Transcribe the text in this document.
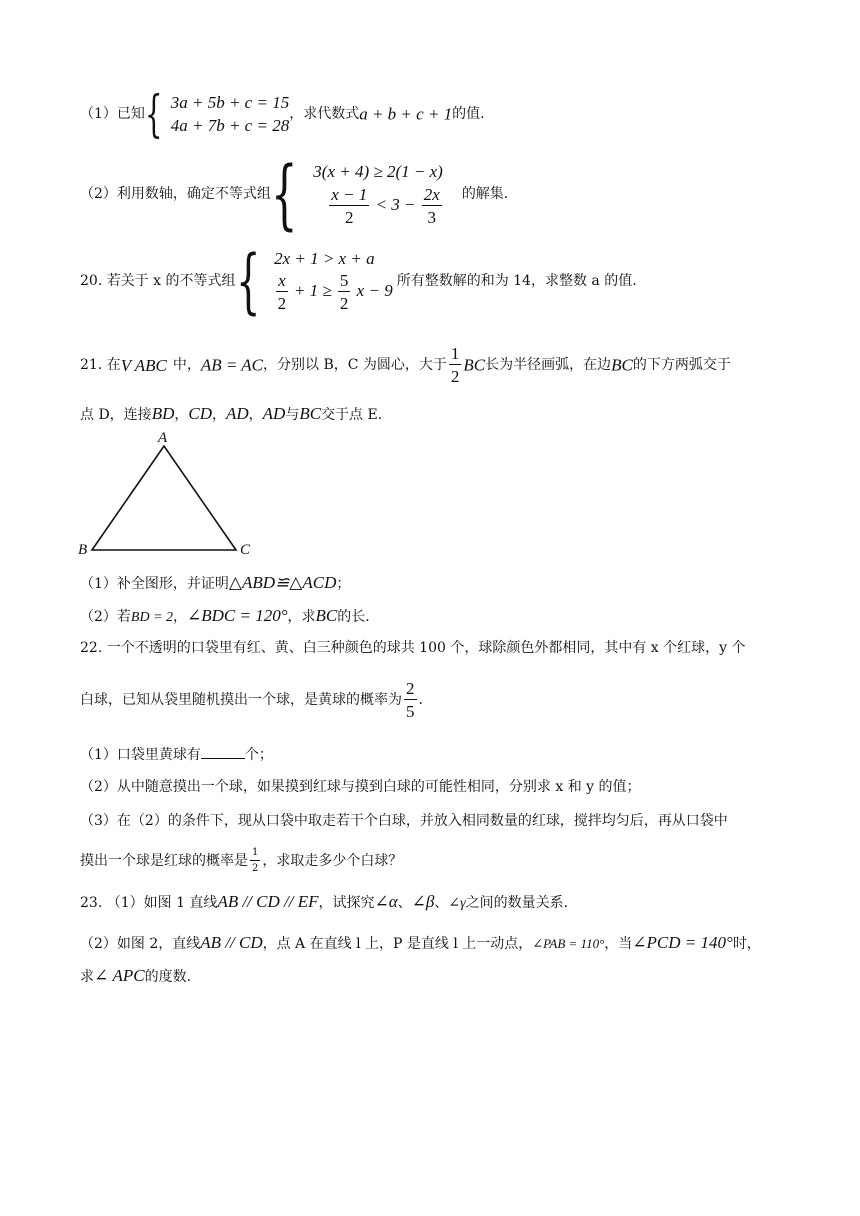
（1）已知{ 3a + 5b + c = 15
4a + 7b + c = 28
，求代数式a + b + c + 1的值.
（2）利用数轴，确定不等式组{ 3(x + 4) ≥ 2(1 − x)
$\frac{x - 1}{2} < 3 - \frac{2x}{3}$ 的解集.
20. 若关于 x 的不等式组{ 2x + 1 > x + a
$\frac{x}{2} + 1 \ge \frac{5}{2}$ x − 9 所有整数解的和为 14，求整数 a 的值.
21. 在V ABC 中，AB = AC，分别以 B，C 为圆心，大于 $\frac{1}{2}$ BC长为半径画弧，在边BC的下方两弧交于
点 D，连接BD，CD，AD，AD与BC交于点 E.
A
B	C
（1）补全图形，并证明△ABD≌△ACD；
（2）若BD = 2，∠BDC = 120°，求BC的长.
22. 一个不透明的口袋里有红、黄、白三种颜色的球共 100 个，球除颜色外都相同，其中有 x 个红球，y 个
白球，已知从袋里随机摸出一个球，是黄球的概率为 $\frac{2}{5}$ .
（1）口袋里黄球有	个；
（2）从中随意摸出一个球，如果摸到红球与摸到白球的可能性相同，分别求 x 和 y 的值；
（3）在（2）的条件下，现从口袋中取走若干个白球，并放入相同数量的红球，搅拌均匀后，再从口袋中
摸出一个球是红球的概率是 $\frac{1}{2}$ ，求取走多少个白球？
23. （1）如图 1 直线AB // CD // EF，试探究∠α、∠β、∠γ之间的数量关系.
（2）如图 2，直线AB // CD，点 A 在直线 l 上，P 是直线 l 上一动点，∠PAB = 110°，当∠PCD = 140°时，
求∠ APC的度数.
